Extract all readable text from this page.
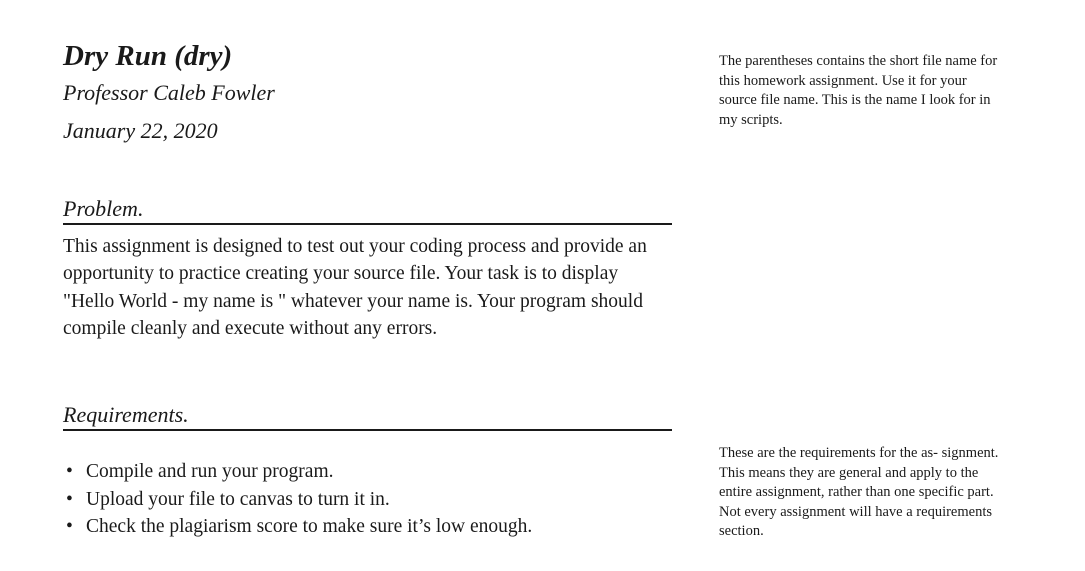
Dry Run (dry)

Professor Caleb Fowler

January 22, 2020

The parentheses contains the short file name for this homework assignment. Use it for your source file name. This is the name I look for in my scripts.

Problem.

This assignment is designed to test out your coding process and provide an opportunity to practice creating your source file. Your task is to display "Hello World - my name is " whatever your name is. Your program should compile cleanly and execute without any errors.

Requirements.
• Compile and run your program.
• Upload your file to canvas to turn it in.
• Check the plagiarism score to make sure it’s low enough.

These are the requirements for the as- signment. This means they are general and apply to the entire assignment, rather than one specific part. Not every assignment will have a requirements section.
